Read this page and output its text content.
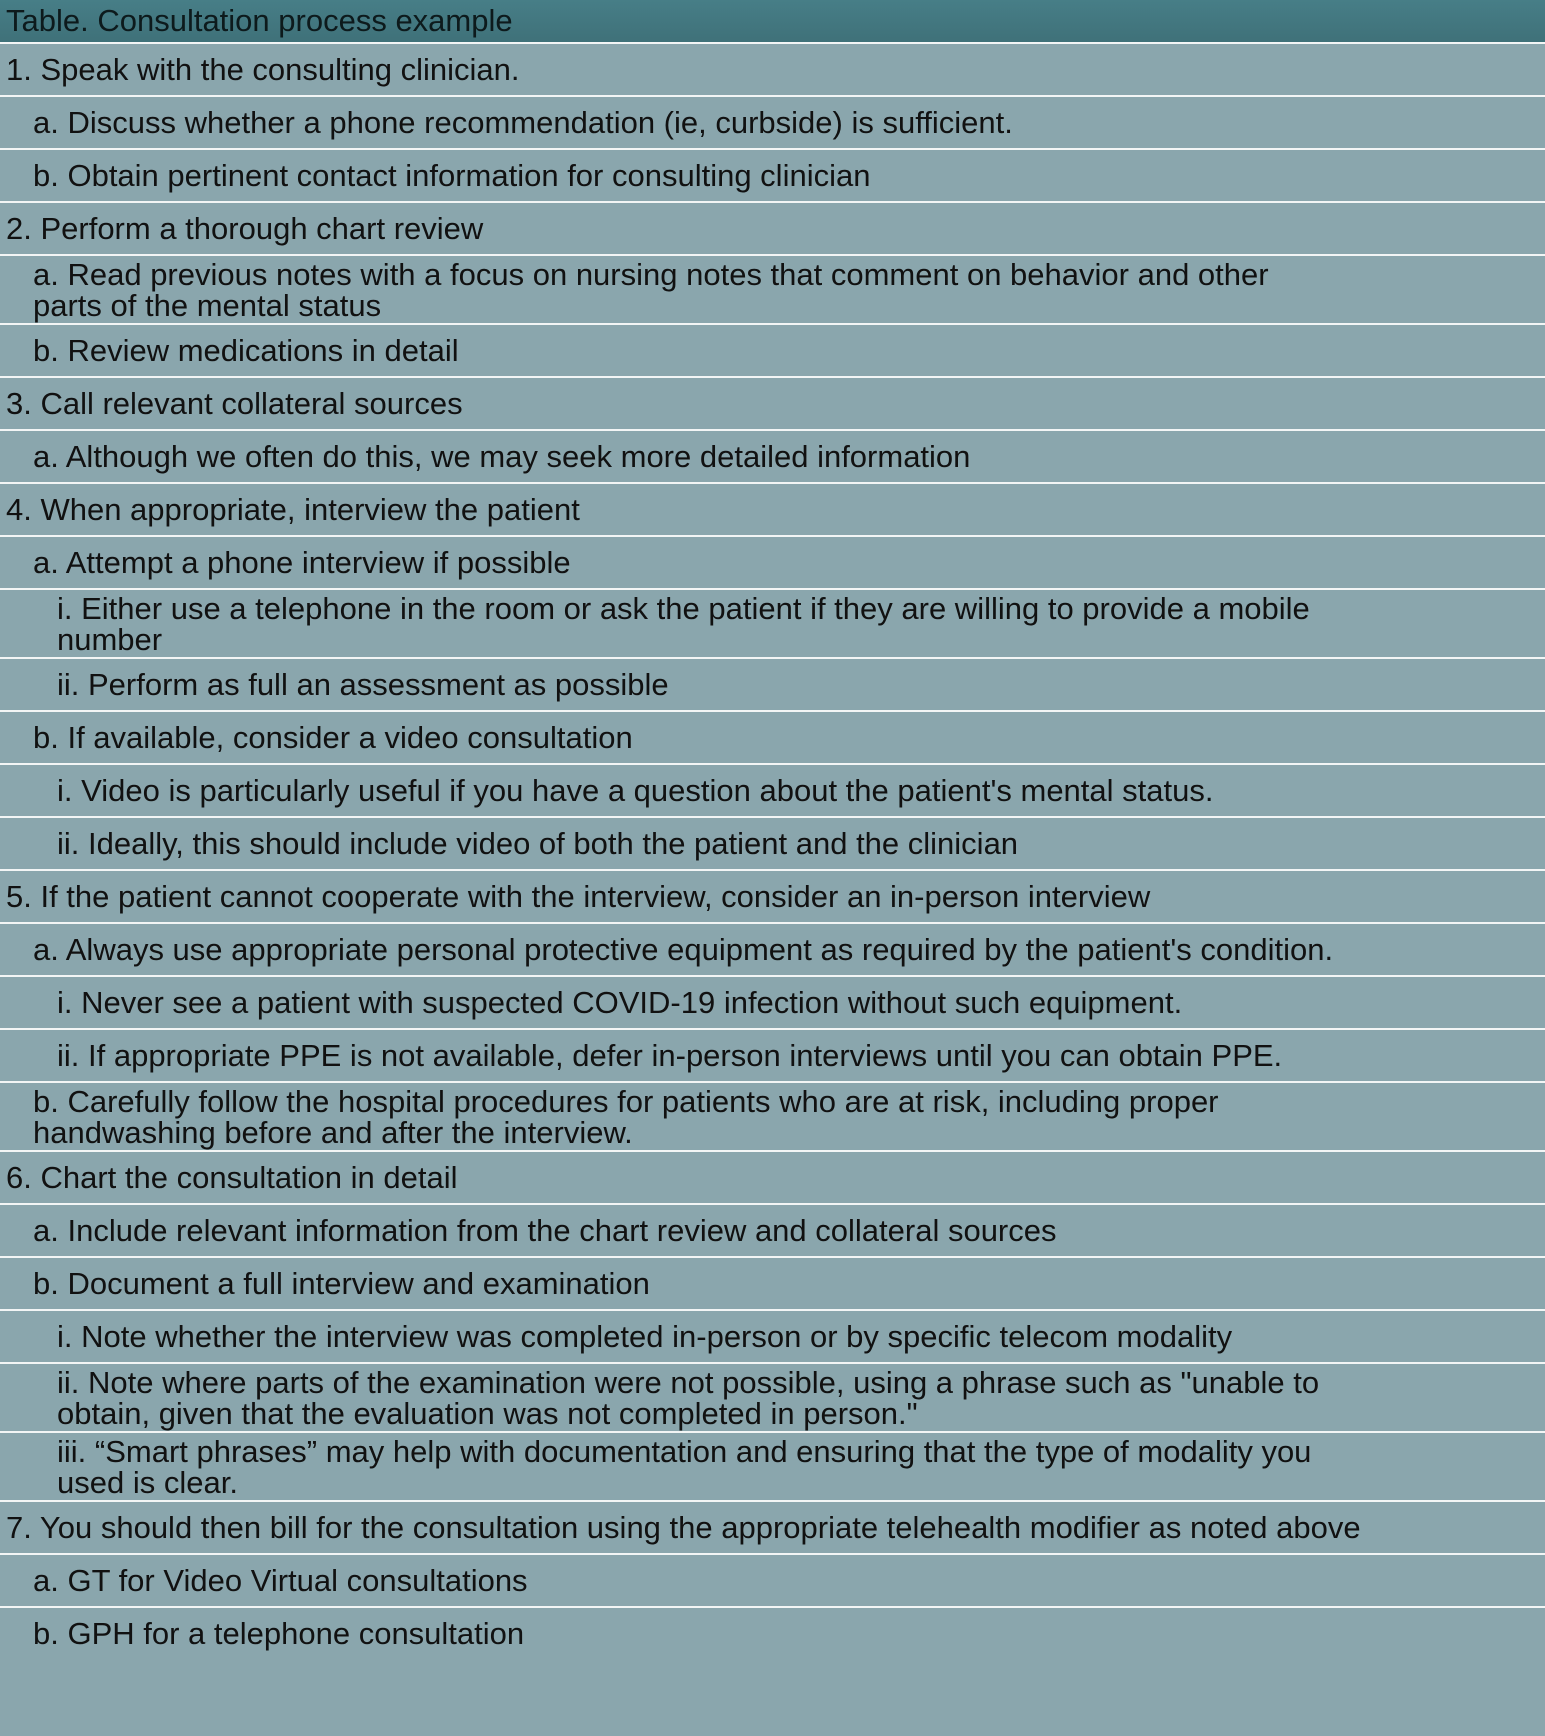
Table. Consultation process example
1. Speak with the consulting clinician.
a. Discuss whether a phone recommendation (ie, curbside) is sufficient.
b. Obtain pertinent contact information for consulting clinician
2. Perform a thorough chart review
a. Read previous notes with a focus on nursing notes that comment on behavior and other
parts of the mental status
b. Review medications in detail
3. Call relevant collateral sources
a. Although we often do this, we may seek more detailed information
4. When appropriate, interview the patient
a. Attempt a phone interview if possible
i. Either use a telephone in the room or ask the patient if they are willing to provide a mobile
number
ii. Perform as full an assessment as possible
b. If available, consider a video consultation
i. Video is particularly useful if you have a question about the patient's mental status.
ii. Ideally, this should include video of both the patient and the clinician
5. If the patient cannot cooperate with the interview, consider an in-person interview
a. Always use appropriate personal protective equipment as required by the patient's condition.
i. Never see a patient with suspected COVID-19 infection without such equipment.
ii. If appropriate PPE is not available, defer in-person interviews until you can obtain PPE.
b. Carefully follow the hospital procedures for patients who are at risk, including proper
handwashing before and after the interview.
6. Chart the consultation in detail
a. Include relevant information from the chart review and collateral sources
b. Document a full interview and examination
i. Note whether the interview was completed in-person or by specific telecom modality
ii. Note where parts of the examination were not possible, using a phrase such as "unable to
obtain, given that the evaluation was not completed in person."
iii. “Smart phrases” may help with documentation and ensuring that the type of modality you
used is clear.
7. You should then bill for the consultation using the appropriate telehealth modifier as noted above
a. GT for Video Virtual consultations
b. GPH for a telephone consultation
